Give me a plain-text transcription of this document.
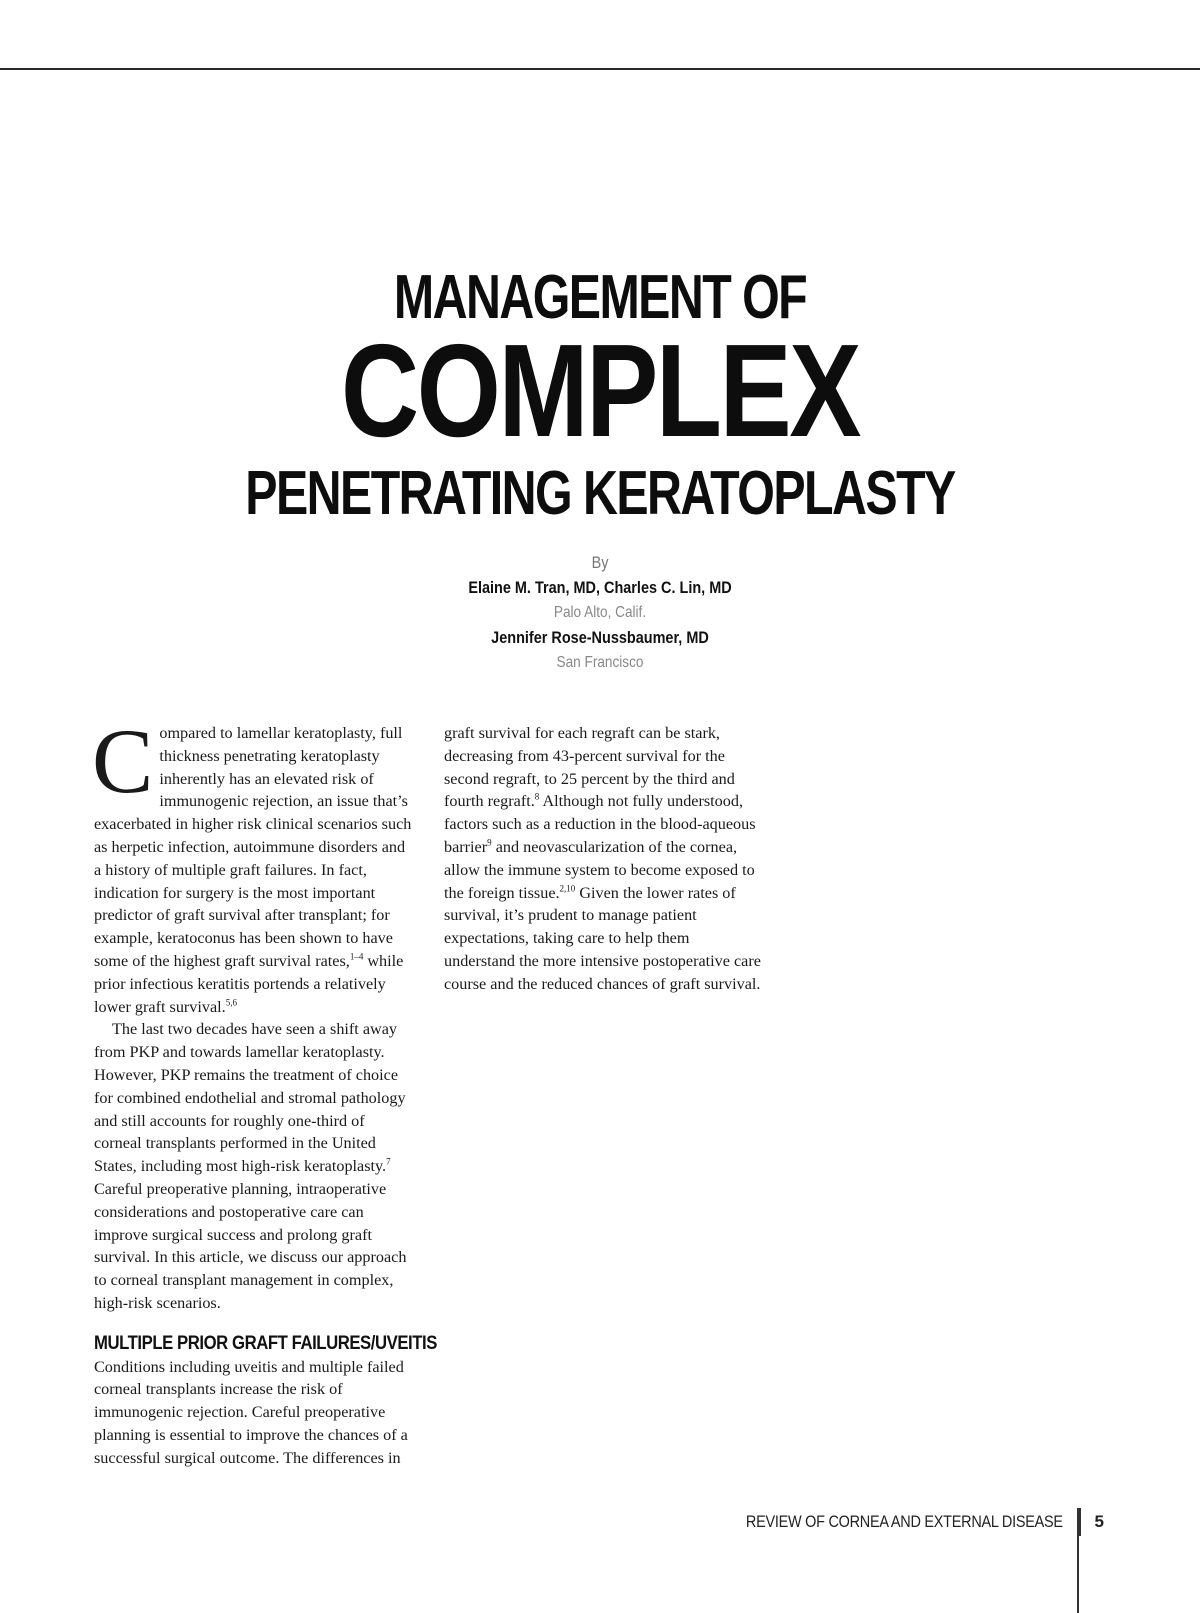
MANAGEMENT OF
COMPLEX
PENETRATING KERATOPLASTY
By
Elaine M. Tran, MD, Charles C. Lin, MD
Palo Alto, Calif.
Jennifer Rose-Nussbaumer, MD
San Francisco

Compared to lamellar keratoplasty, full thickness penetrating keratoplasty inherently has an elevated risk of immunogenic rejection, an issue that’s exacerbated in higher risk clinical scenarios such as herpetic infection, autoimmune disorders and a history of multiple graft failures. In fact, indication for surgery is the most important predictor of graft survival after transplant; for example, keratoconus has been shown to have some of the highest graft survival rates,$^{1-4}$ while prior infectious keratitis portends a relatively lower graft survival.$^{5,6}$

The last two decades have seen a shift away from PKP and towards lamellar keratoplasty. However, PKP remains the treatment of choice for combined endothelial and stromal pathology and still accounts for roughly one-third of corneal transplants performed in the United States, including most high-risk keratoplasty.$^7$ Careful preoperative planning, intraoperative considerations and postoperative care can improve surgical success and prolong graft survival. In this article, we discuss our approach to corneal transplant management in complex, high-risk scenarios.

MULTIPLE PRIOR GRAFT FAILURES/UVEITIS

Conditions including uveitis and multiple failed corneal transplants increase the risk of immunogenic rejection. Careful preoperative planning is essential to improve the chances of a successful surgical outcome. The differences in

graft survival for each regraft can be stark, decreasing from 43-percent survival for the second regraft, to 25 percent by the third and fourth regraft.$^8$ Although not fully understood, factors such as a reduction in the blood-aqueous barrier$^9$ and neovascularization of the cornea, allow the immune system to become exposed to the foreign tissue.$^{2,10}$ Given the lower rates of survival, it’s prudent to manage patient expectations, taking care to help them understand the more intensive postoperative care course and the reduced chances of graft survival.

REVIEW OF CORNEA AND EXTERNAL DISEASE 5
